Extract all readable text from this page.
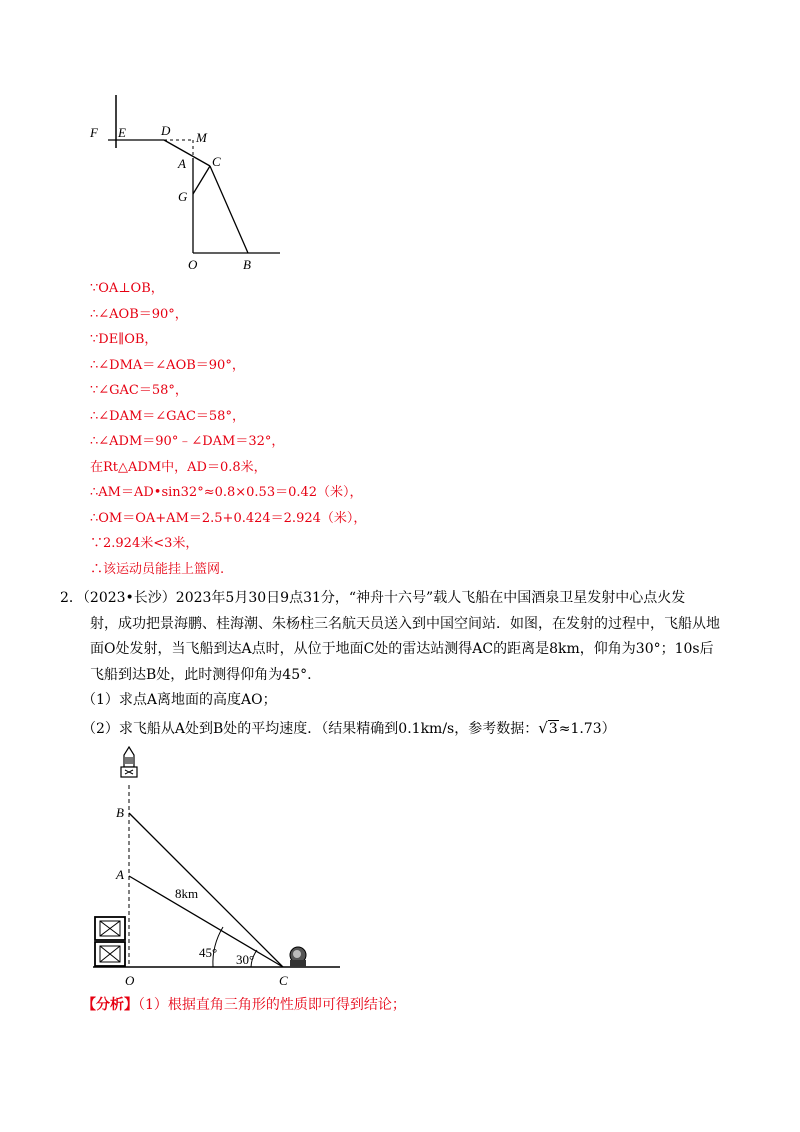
F E	D M
A C
G
O	B
∵OA⊥OB，
∴∠AOB＝90°，
∵DE∥OB，
∴∠DMA＝∠AOB＝90°，
∵∠GAC＝58°，
∴∠DAM＝∠GAC＝58°，
∴∠ADM＝90°﹣∠DAM＝32°，
在Rt△ADM中，AD＝0.8米，
∴AM＝AD•sin32°≈0.8×0.53＝0.42（米），
∴OM＝OA+AM＝2.5+0.424＝2.924（米），
∵2.924米<3米，
∴该运动员能挂上篮网.

2．（2023•长沙）2023年5月30日9点31分，“神舟十六号”载人飞船在中国酒泉卫星发射中心点火发

射，成功把景海鹏、桂海潮、朱杨柱三名航天员送入到中国空间站．如图，在发射的过程中，飞船从地

面O处发射，当飞船到达A点时，从位于地面C处的雷达站测得AC的距离是8km，仰角为30°；10s后

飞船到达B处，此时测得仰角为45°.

（1）求点A离地面的高度AO；
（2）求飞船从A处到B处的平均速度．（结果精确到0.1km/s，参考数据：√3≈1.73）
B
A
O	C
8km
45° 30°
【分析】（1）根据直角三角形的性质即可得到结论；
